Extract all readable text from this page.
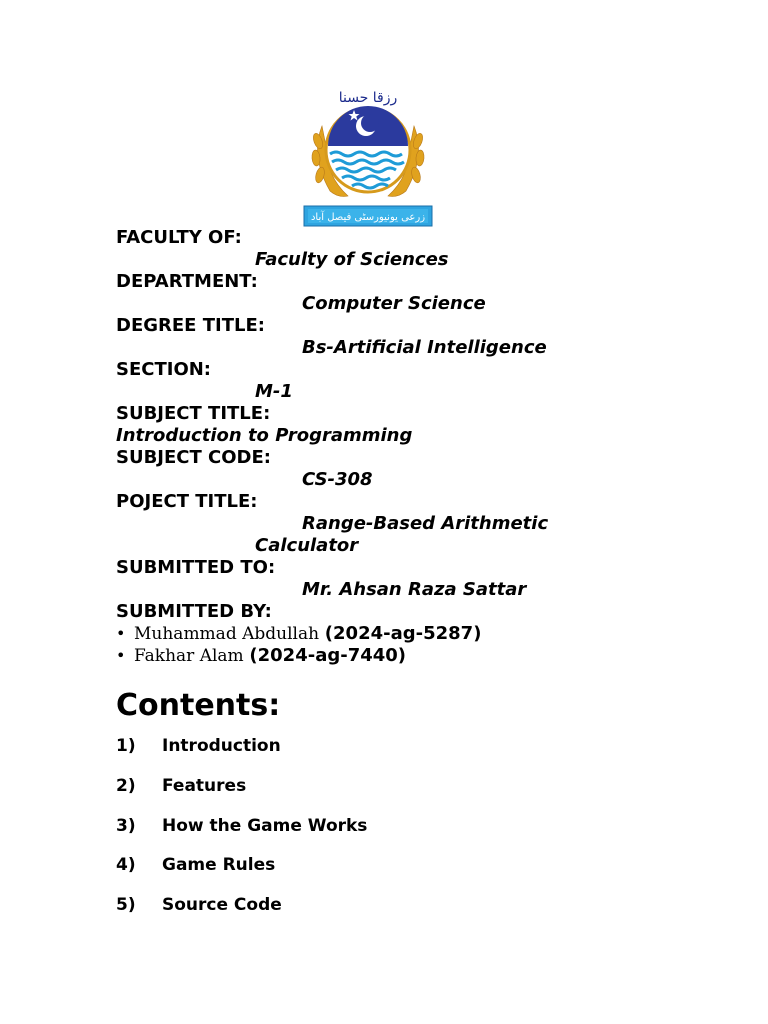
رزقا حسنا
زرعی یونیورسٹی فیصل آباد
FACULTY OF:
Faculty of Sciences
DEPARTMENT:
Computer Science
DEGREE TITLE:
Bs-Artificial Intelligence
SECTION:
M-1
SUBJECT TITLE:
Introduction to Programming
SUBJECT CODE:
CS-308
POJECT TITLE:
Range-Based Arithmetic
Calculator
SUBMITTED TO:
Mr. Ahsan Raza Sattar
SUBMITTED BY:
• Muhammad Abdullah (2024-ag-5287)
• Fakhar Alam (2024-ag-7440)
Contents:
1) Introduction
2) Features
3) How the Game Works
4) Game Rules
5) Source Code
